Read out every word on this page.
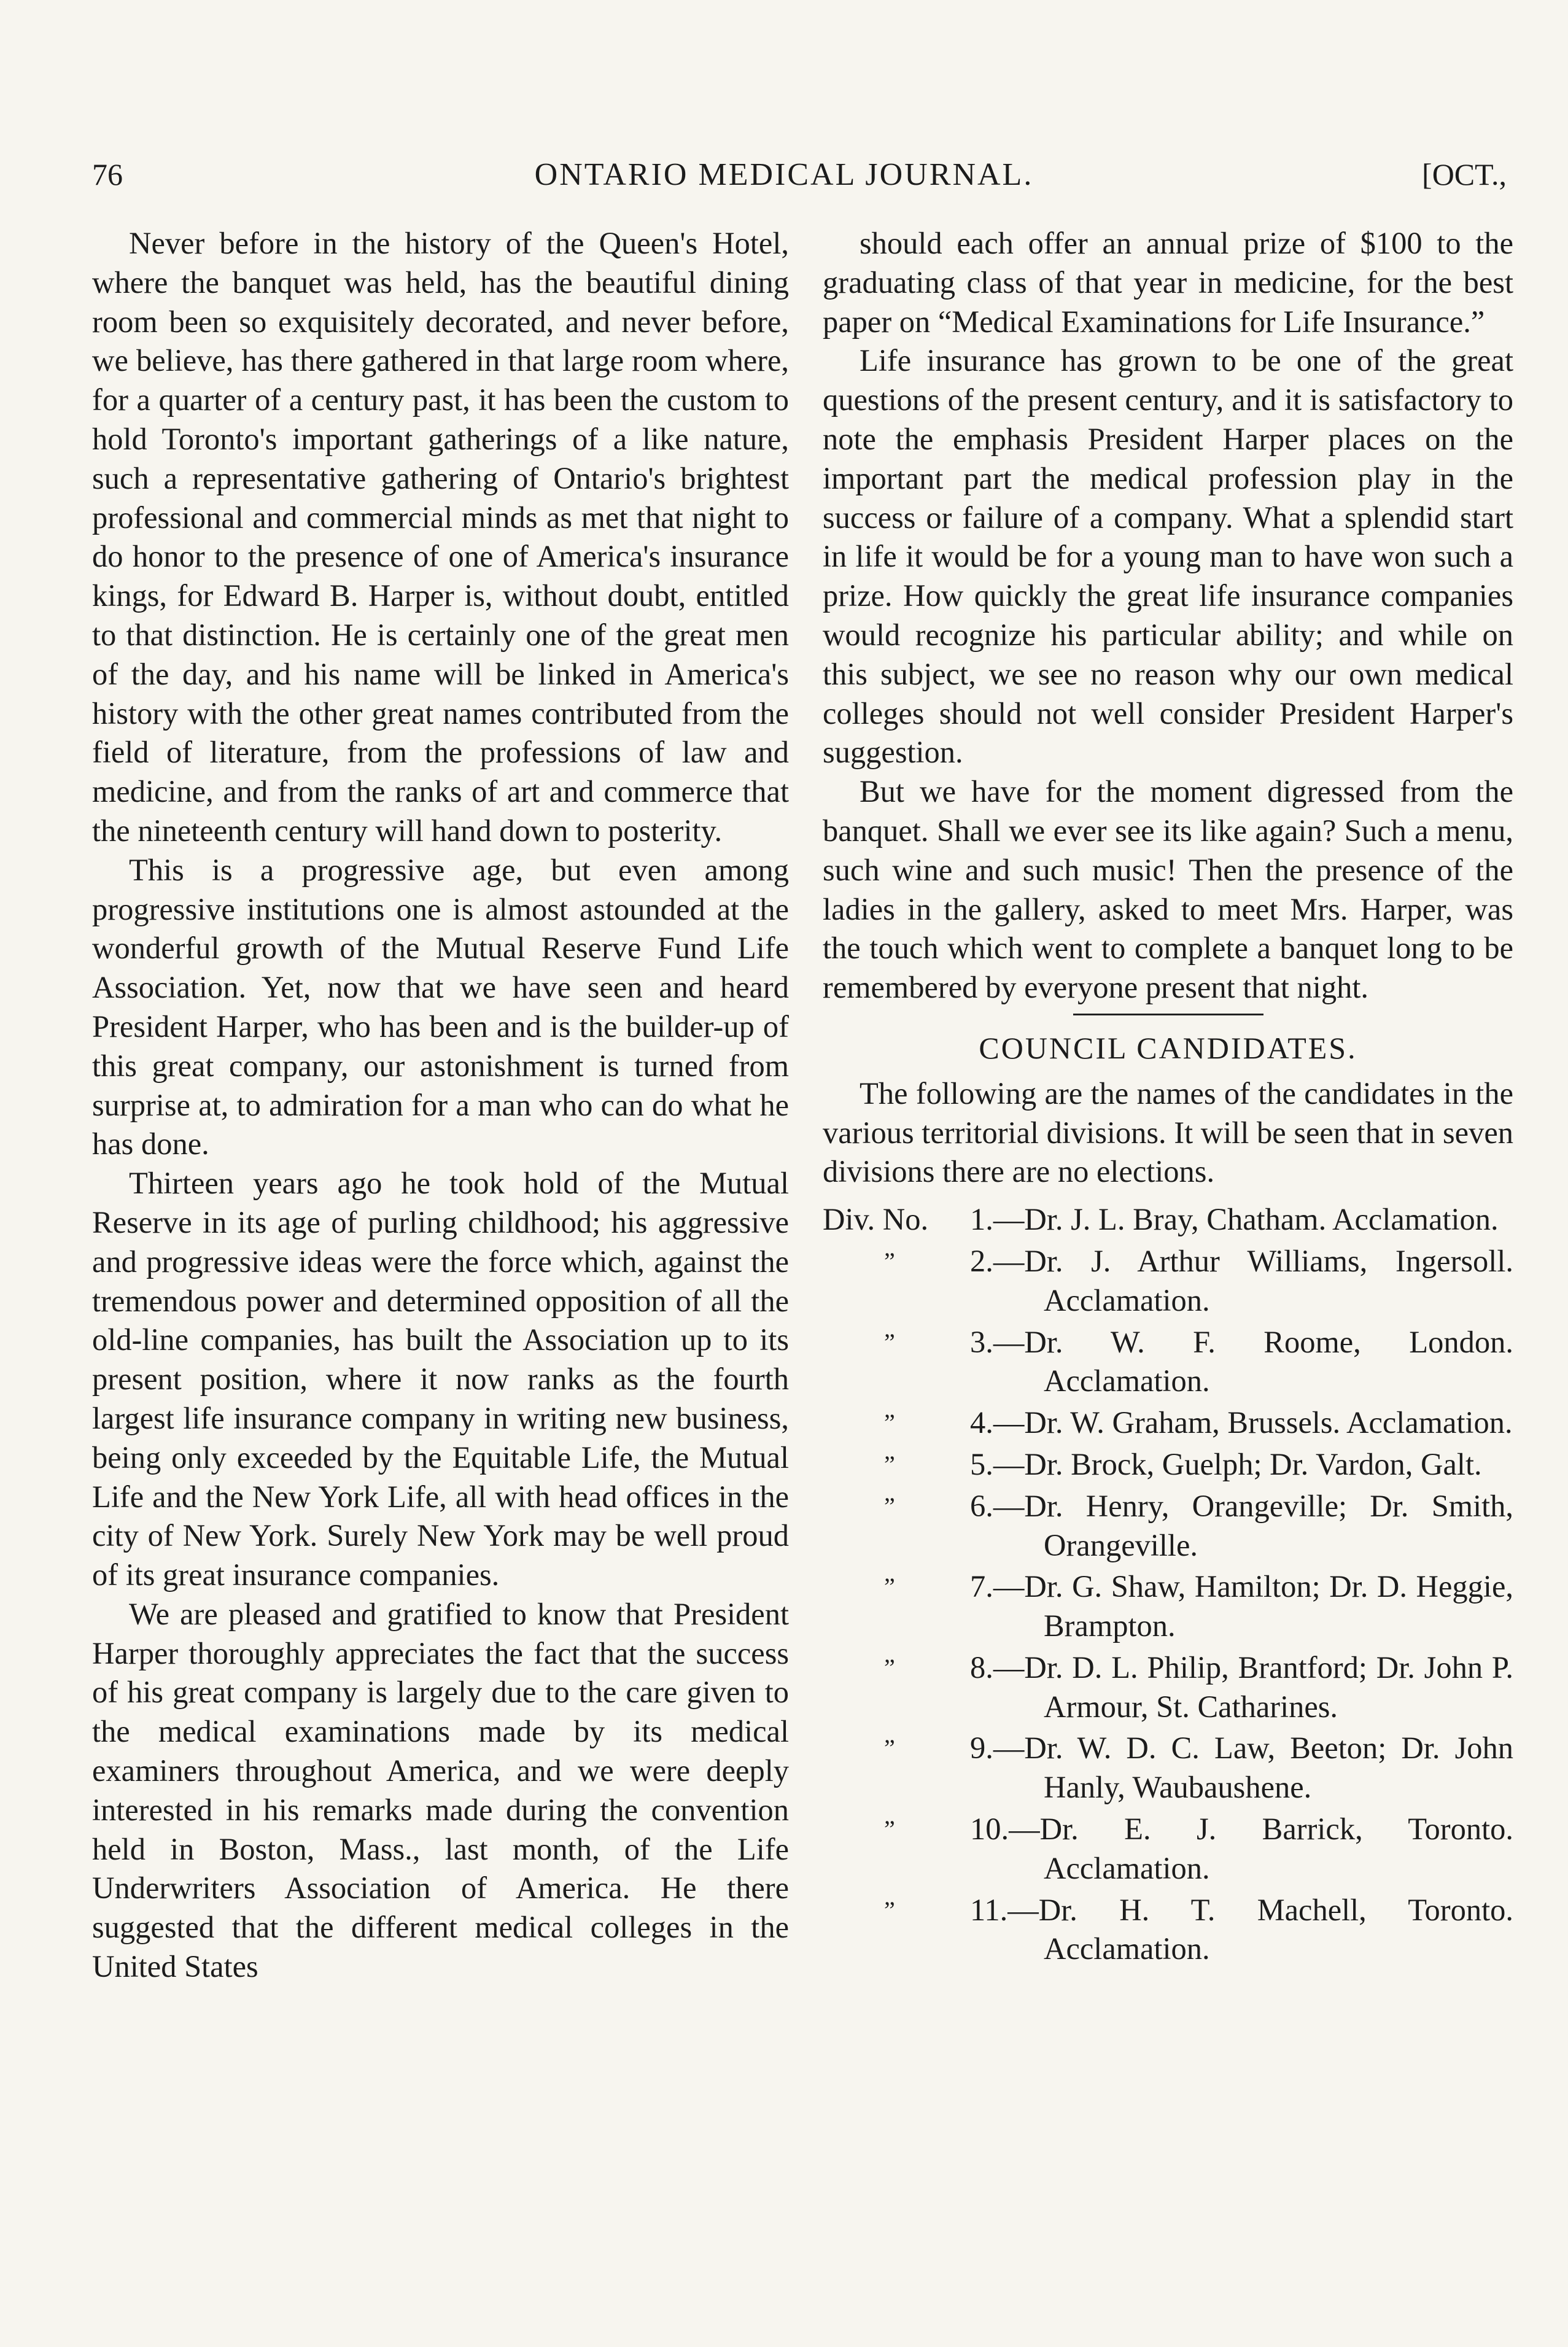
76	ONTARIO MEDICAL JOURNAL.	[OCT.,

Never before in the history of the Queen's Hotel, where the banquet was held, has the beautiful dining room been so exquisitely decorated, and never before, we believe, has there gathered in that large room where, for a quarter of a century past, it has been the custom to hold Toronto's important gatherings of a like nature, such a representative gathering of Ontario's brightest professional and commercial minds as met that night to do honor to the presence of one of America's insurance kings, for Edward B. Harper is, without doubt, entitled to that distinction. He is certainly one of the great men of the day, and his name will be linked in America's history with the other great names contributed from the field of literature, from the professions of law and medicine, and from the ranks of art and commerce that the nineteenth century will hand down to posterity.

This is a progressive age, but even among progressive institutions one is almost astounded at the wonderful growth of the Mutual Reserve Fund Life Association. Yet, now that we have seen and heard President Harper, who has been and is the builder-up of this great company, our astonishment is turned from surprise at, to admiration for a man who can do what he has done.

Thirteen years ago he took hold of the Mutual Reserve in its age of purling childhood; his aggressive and progressive ideas were the force which, against the tremendous power and determined opposition of all the old-line companies, has built the Association up to its present position, where it now ranks as the fourth largest life insurance company in writing new business, being only exceeded by the Equitable Life, the Mutual Life and the New York Life, all with head offices in the city of New York. Surely New York may be well proud of its great insurance companies.

We are pleased and gratified to know that President Harper thoroughly appreciates the fact that the success of his great company is largely due to the care given to the medical examinations made by its medical examiners throughout America, and we were deeply interested in his remarks made during the convention held in Boston, Mass., last month, of the Life Underwriters Association of America. He there suggested that the different medical colleges in the United States

should each offer an annual prize of $100 to the graduating class of that year in medicine, for the best paper on “Medical Examinations for Life Insurance.”

Life insurance has grown to be one of the great questions of the present century, and it is satisfactory to note the emphasis President Harper places on the important part the medical profession play in the success or failure of a company. What a splendid start in life it would be for a young man to have won such a prize. How quickly the great life insurance companies would recognize his particular ability; and while on this subject, we see no reason why our own medical colleges should not well consider President Harper's suggestion.

But we have for the moment digressed from the banquet. Shall we ever see its like again? Such a menu, such wine and such music! Then the presence of the ladies in the gallery, asked to meet Mrs. Harper, was the touch which went to complete a banquet long to be remembered by everyone present that night.

COUNCIL CANDIDATES.

The following are the names of the candidates in the various territorial divisions. It will be seen that in seven divisions there are no elections.

Div. No. 1.—Dr. J. L. Bray, Chatham. Acclamation.
” 2.—Dr. J. Arthur Williams, Ingersoll. Acclamation.
” 3.—Dr. W. F. Roome, London. Acclamation.
” 4.—Dr. W. Graham, Brussels. Acclamation.
” 5.—Dr. Brock, Guelph; Dr. Vardon, Galt.
” 6.—Dr. Henry, Orangeville; Dr. Smith, Orangeville.
” 7.—Dr. G. Shaw, Hamilton; Dr. D. Heggie, Brampton.
” 8.—Dr. D. L. Philip, Brantford; Dr. John P. Armour, St. Catharines.
” 9.—Dr. W. D. C. Law, Beeton; Dr. John Hanly, Waubaushene.
” 10.—Dr. E. J. Barrick, Toronto. Acclamation.
” 11.—Dr. H. T. Machell, Toronto. Acclamation.
